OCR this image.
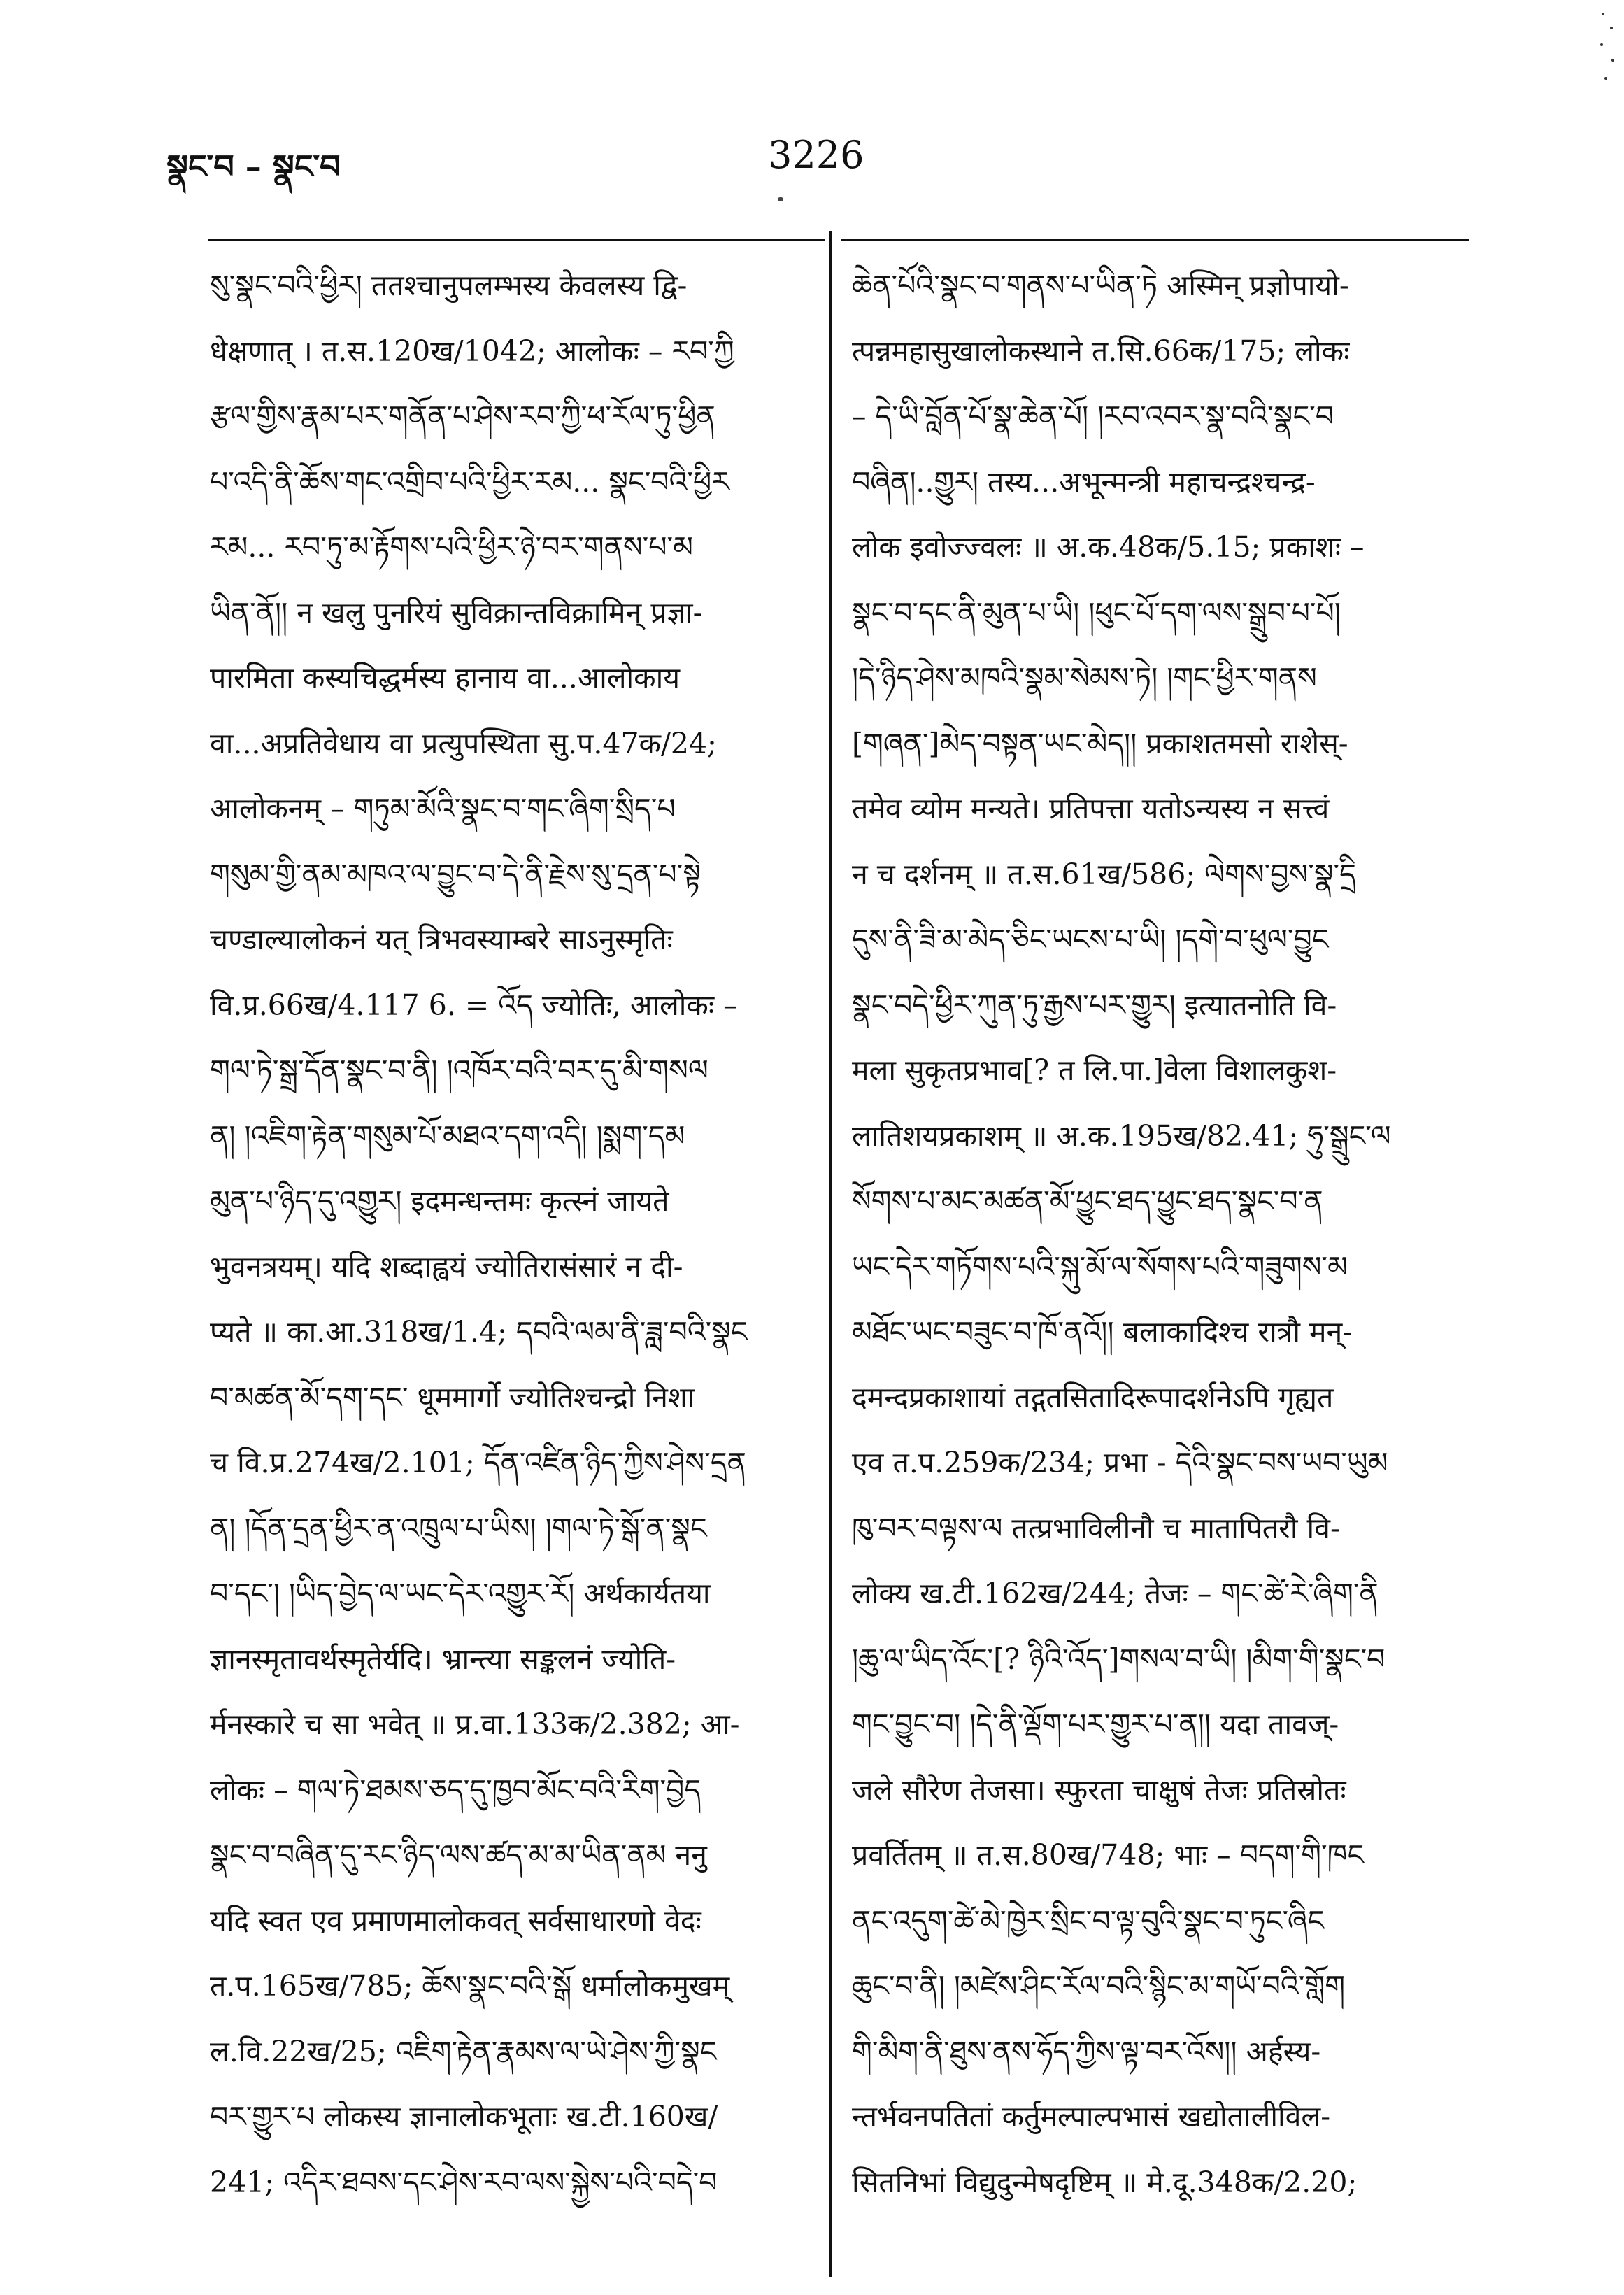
སྣང་བ – སྣང་བ	3226
སུ་སྣང་བའི་ཕྱིར། ततश्चानुपलम्भस्य केवलस्य द्वि-
धेक्षणात् । त.स.120ख/1042; आलोकः – རབ་ཀྱི
རྩལ་གྱིས་རྣམ་པར་གནོན་པ་ཤེས་རབ་ཀྱི་ཕ་རོལ་ཏུ་ཕྱིན
པ་འདི་ནི་ཆོས་གང་འགྲིབ་པའི་ཕྱིར་རམ... སྣང་བའི་ཕྱིར
རམ... རབ་ཏུ་མ་རྟོགས་པའི་ཕྱིར་ཉེ་བར་གནས་པ་མ
ཡིན་ནོ།། न खलु पुनरियं सुविक्रान्तविक्रामिन् प्रज्ञा-
पारमिता कस्यचिद्धर्मस्य हानाय वा...आलोकाय
वा...अप्रतिवेधाय वा प्रत्युपस्थिता सु.प.47क/24;
आलोकनम् – གཏུམ་མོའི་སྣང་བ་གང་ཞིག་སྲིད་པ
གསུམ་གྱི་ནམ་མཁའ་ལ་བྱུང་བ་དེ་ནི་རྗེས་སུ་དྲན་པ་སྟེ
चण्डाल्यालोकनं यत् त्रिभवस्याम्बरे साऽनुस्मृतिः
वि.प्र.66ख/4.117 6. = འོད ज्योतिः, आलोकः –
གལ་ཏེ་སྒྲ་དོན་སྣང་བ་ནི། །འཁོར་བའི་བར་དུ་མི་གསལ
ན། །འཇིག་རྟེན་གསུམ་པོ་མཐའ་དག་འདི། །སྨག་དམ
མུན་པ་ཉིད་དུ་འགྱུར། इदमन्धन्तमः कृत्स्नं जायते
भुवनत्रयम्। यदि शब्दाह्वयं ज्योतिरासंसारं न दी-
प्यते ॥ का.आ.318ख/1.4; དབའི་ལམ་ནི་ཟླ་བའི་སྣང
བ་མཚན་མོ་དག་དང་ धूममार्गो ज्योतिश्चन्द्रो निशा
च वि.प्र.274ख/2.101; དོན་འཛིན་ཉིད་ཀྱིས་ཤེས་དྲན
ན། །དོན་དྲན་ཕྱིར་ན་འཁྲུལ་པ་ཡིས། །གལ་ཏེ་སྒོ་ན་སྣང
བ་དང་། །ཡིད་བྱེད་ལ་ཡང་དེར་འགྱུར་རོ། अर्थकार्यतया
ज्ञानस्मृतावर्थस्मृतेर्यदि। भ्रान्त्या सङ्कलनं ज्योति-
र्मनस्कारे च सा भवेत् ॥ प्र.वा.133क/2.382; आ-
लोकः – གལ་ཏེ་ཐམས་ཅད་དུ་ཁྱབ་མོང་བའི་རིག་བྱེད
སྣང་བ་བཞིན་དུ་རང་ཉིད་ལས་ཚད་མ་མ་ཡིན་ནམ ननु
यदि स्वत एव प्रमाणमालोकवत् सर्वसाधारणो वेदः
त.प.165ख/785; ཆོས་སྣང་བའི་སྒོ धर्मालोकमुखम्
ल.वि.22ख/25; འཇིག་རྟེན་རྣམས་ལ་ཡེ་ཤེས་ཀྱི་སྣང
བར་གྱུར་པ लोकस्य ज्ञानालोकभूताः ख.टी.160ख/
241; འདིར་ཐབས་དང་ཤེས་རབ་ལས་སྐྱེས་པའི་བདེ་བ
ཆེན་པོའི་སྣང་བ་གནས་པ་ཡིན་ཏེ अस्मिन् प्रज्ञोपायो-
त्पन्नमहासुखालोकस्थाने त.सि.66क/175; लोकः
– དེ་ཡི་བློན་པོ་སྣ་ཆེན་པོ། །རབ་འབར་སྣ་བའི་སྣང་བ
བཞིན།..གྱུར། तस्य...अभून्मन्त्री महाचन्द्रश्चन्द्र-
लोक इवोज्ज्वलः ॥ अ.क.48क/5.15; प्रकाशः –
སྣང་བ་དང་ནི་མུན་པ་ཡི། །ཕུང་པོ་དག་ལས་སྒྲུབ་པ་པོ།
།དེ་ཉིད་ཤེས་མཁའི་སྣམ་སེམས་ཏེ། །གང་ཕྱིར་གནས
[གཞན་]མེད་བསྟན་ཡང་མེད།། प्रकाशतमसो राशेस्-
तमेव व्योम मन्यते। प्रतिपत्ता यतोऽन्यस्य न सत्त्वं
न च दर्शनम् ॥ त.स.61ख/586; ལེགས་བྱས་སྣ་དྲི
དུས་ནི་ཟི་མ་མེད་ཅིང་ཡངས་པ་ཡི། །དགེ་བ་ཕུལ་བྱུང
སྣང་བདེ་ཕྱིར་ཀུན་ཏུ་རྒྱས་པར་གྱུར། इत्यातनोति वि-
मला सुकृतप्रभाव[? त लि.पा.]वेला विशालकुश-
लातिशयप्रकाशम् ॥ अ.क.195ख/82.41; ཧུ་སྒྲུང་ལ
སོགས་པ་མང་མཚན་མོ་ཕྱུང་ཐད་ཕྱུང་ཐད་སྣང་བ་ན
ཡང་དེར་གཏོགས་པའི་སྐུ་མོ་ལ་སོགས་པའི་གཟུགས་མ
མཐོང་ཡང་བཟུང་བ་ཁོ་ནའོ།། बलाकादिश्च रात्रौ मन्-
दमन्दप्रकाशायां तद्गतसितादिरूपादर्शनेऽपि गृह्यत
एव त.प.259क/234; प्रभा - དེའི་སྣང་བས་ཡབ་ཡུམ
ཁུ་བར་བལྟས་ལ तत्प्रभाविलीनौ च मातापितरौ वि-
लोक्य ख.टी.162ख/244; तेजः – གང་ཚེ་རེ་ཞིག་ནི
།ཆུ་ལ་ཡིད་འོང་[? ཉིའི་འོད་]གསལ་བ་ཡི། །མིག་གི་སྣང་བ
གང་བྱུང་བ། །དེ་ནི་ལྡོག་པར་གྱུར་པ་ན།། यदा तावज्-
जले सौरेण तेजसा। स्फुरता चाक्षुषं तेजः प्रतिस्रोतः
प्रवर्तितम् ॥ त.स.80ख/748; भाः – བདག་གི་ཁང
ནང་འདུག་ཚེ་མེ་ཁྱེར་སྲིང་བ་ལྟ་བུའི་སྣང་བ་ཏུང་ཞིང
ཆུང་བ་ནི། །མཛེས་ཤིང་རོལ་བའི་སྙིང་མ་གཡོ་བའི་གློག
གི་མིག་ནི་ཐུས་ནས་ཧོད་ཀྱིས་ལྟ་བར་འོས།། अर्हस्य-
न्तर्भवनपतितां कर्तुमल्पाल्पभासं खद्योतालीविल-
सितनिभां विद्युदुन्मेषदृष्टिम् ॥ मे.दू.348क/2.20;
